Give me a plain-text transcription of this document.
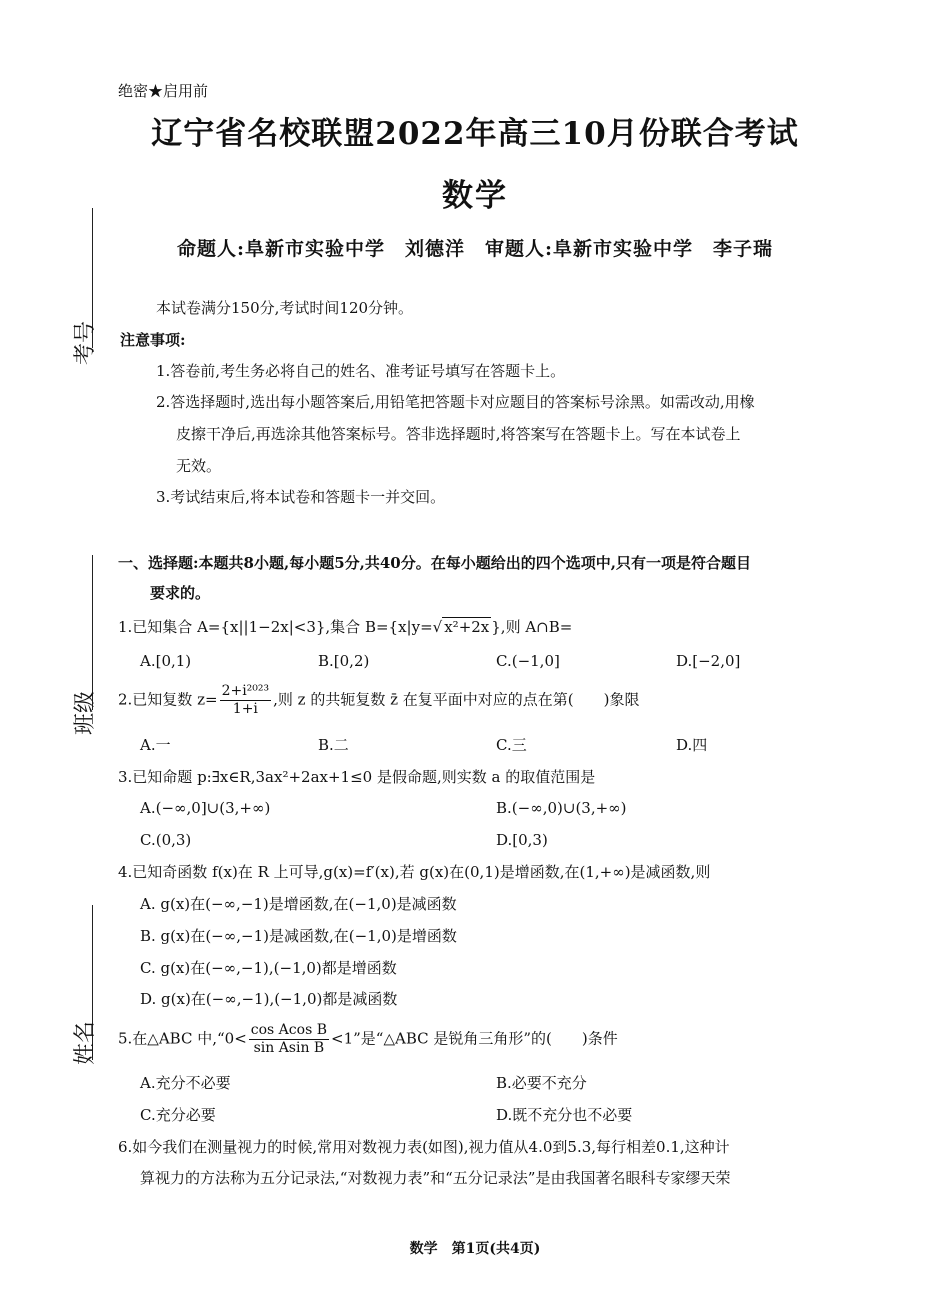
绝密★启用前
辽宁省名校联盟2022年高三10月份联合考试
数学
命题人:阜新市实验中学　刘德洋　审题人:阜新市实验中学　李子瑞
考号
班级
姓名
本试卷满分150分,考试时间120分钟。
注意事项:
1.答卷前,考生务必将自己的姓名、准考证号填写在答题卡上。
2.答选择题时,选出每小题答案后,用铅笔把答题卡对应题目的答案标号涂黑。如需改动,用橡
皮擦干净后,再选涂其他答案标号。答非选择题时,将答案写在答题卡上。写在本试卷上
无效。
3.考试结束后,将本试卷和答题卡一并交回。
一、选择题:本题共8小题,每小题5分,共40分。在每小题给出的四个选项中,只有一项是符合题目
要求的。
1.已知集合 A={x||1−2x|<3},集合 B={x|y=√ x²+2x },则 A∩B=
A.[0,1)	B.[0,2)	C.(−1,0]	D.[−2,0]
2.已知复数 $z= \frac{\text{2+i²⁰²³}}{1+i}$ ,则 z 的共轭复数 z̄ 在复平面中对应的点在第(　　)象限
A.一	B.二	C.三	D.四
3.已知命题 p:∃x∈R,3ax²+2ax+1≤0 是假命题,则实数 a 的取值范围是
A.(−∞,0]∪(3,+∞)	B.(−∞,0)∪(3,+∞)
C.(0,3)	D.[0,3)
4.已知奇函数 f(x)在 R 上可导,g(x)=f′(x),若 g(x)在(0,1)是增函数,在(1,+∞)是减函数,则
A. g(x)在(−∞,−1)是增函数,在(−1,0)是减函数
B. g(x)在(−∞,−1)是减函数,在(−1,0)是增函数
C. g(x)在(−∞,−1),(−1,0)都是增函数
D. g(x)在(−∞,−1),(−1,0)都是减函数
5.在△ABC 中,“0< $\frac{\text{cos Acos B}}{\text{sin Asin B}} <1$”是“△ABC 是锐角三角形”的(　　)条件
A.充分不必要	B.必要不充分
C.充分必要	D.既不充分也不必要
6.如今我们在测量视力的时候,常用对数视力表(如图),视力值从4.0到5.3,每行相差0.1,这种计
算视力的方法称为五分记录法,“对数视力表”和“五分记录法”是由我国著名眼科专家缪天荣
数学　第1页(共4页)
